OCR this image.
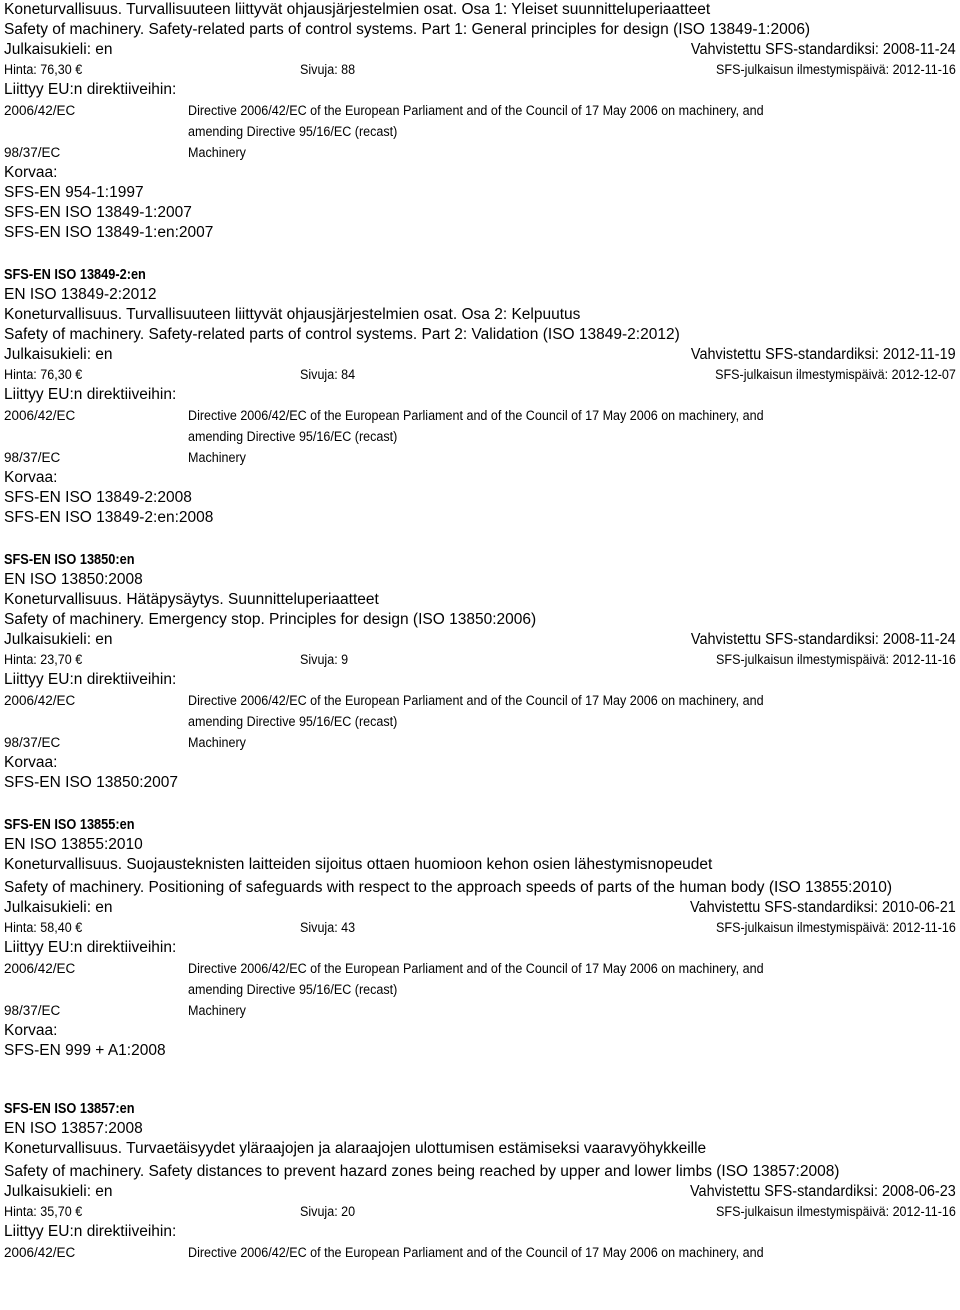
Koneturvallisuus. Turvallisuuteen liittyvät ohjausjärjestelmien osat. Osa 1: Yleiset suunnitteluperiaatteet
Safety of machinery. Safety-related parts of control systems. Part 1: General principles for design (ISO 13849-1:2006)
Julkaisukieli: en	Vahvistettu SFS-standardiksi: 2008-11-24
Hinta: 76,30 €	Sivuja: 88	SFS-julkaisun ilmestymispäivä: 2012-11-16
Liittyy EU:n direktiiveihin:
2006/42/EC	Directive 2006/42/EC of the European Parliament and of the Council of 17 May 2006 on machinery, and
amending Directive 95/16/EC (recast)
98/37/EC	Machinery
Korvaa:
SFS-EN 954-1:1997
SFS-EN ISO 13849-1:2007
SFS-EN ISO 13849-1:en:2007
SFS-EN ISO 13849-2:en
EN ISO 13849-2:2012
Koneturvallisuus. Turvallisuuteen liittyvät ohjausjärjestelmien osat. Osa 2: Kelpuutus
Safety of machinery. Safety-related parts of control systems. Part 2: Validation (ISO 13849-2:2012)
Julkaisukieli: en	Vahvistettu SFS-standardiksi: 2012-11-19
Hinta: 76,30 €	Sivuja: 84	SFS-julkaisun ilmestymispäivä: 2012-12-07
Liittyy EU:n direktiiveihin:
2006/42/EC	Directive 2006/42/EC of the European Parliament and of the Council of 17 May 2006 on machinery, and
amending Directive 95/16/EC (recast)
98/37/EC	Machinery
Korvaa:
SFS-EN ISO 13849-2:2008
SFS-EN ISO 13849-2:en:2008
SFS-EN ISO 13850:en
EN ISO 13850:2008
Koneturvallisuus. Hätäpysäytys. Suunnitteluperiaatteet
Safety of machinery. Emergency stop. Principles for design (ISO 13850:2006)
Julkaisukieli: en	Vahvistettu SFS-standardiksi: 2008-11-24
Hinta: 23,70 €	Sivuja: 9	SFS-julkaisun ilmestymispäivä: 2012-11-16
Liittyy EU:n direktiiveihin:
2006/42/EC	Directive 2006/42/EC of the European Parliament and of the Council of 17 May 2006 on machinery, and
amending Directive 95/16/EC (recast)
98/37/EC	Machinery
Korvaa:
SFS-EN ISO 13850:2007
SFS-EN ISO 13855:en
EN ISO 13855:2010
Koneturvallisuus. Suojausteknisten laitteiden sijoitus ottaen huomioon kehon osien lähestymisnopeudet
Safety of machinery. Positioning of safeguards with respect to the approach speeds of parts of the human body (ISO 13855:2010)
Julkaisukieli: en	Vahvistettu SFS-standardiksi: 2010-06-21
Hinta: 58,40 €	Sivuja: 43	SFS-julkaisun ilmestymispäivä: 2012-11-16
Liittyy EU:n direktiiveihin:
2006/42/EC	Directive 2006/42/EC of the European Parliament and of the Council of 17 May 2006 on machinery, and
amending Directive 95/16/EC (recast)
98/37/EC	Machinery
Korvaa:
SFS-EN 999 + A1:2008
SFS-EN ISO 13857:en
EN ISO 13857:2008
Koneturvallisuus. Turvaetäisyydet yläraajojen ja alaraajojen ulottumisen estämiseksi vaaravyöhykkeille
Safety of machinery. Safety distances to prevent hazard zones being reached by upper and lower limbs (ISO 13857:2008)
Julkaisukieli: en	Vahvistettu SFS-standardiksi: 2008-06-23
Hinta: 35,70 €	Sivuja: 20	SFS-julkaisun ilmestymispäivä: 2012-11-16
Liittyy EU:n direktiiveihin:
2006/42/EC	Directive 2006/42/EC of the European Parliament and of the Council of 17 May 2006 on machinery, and
